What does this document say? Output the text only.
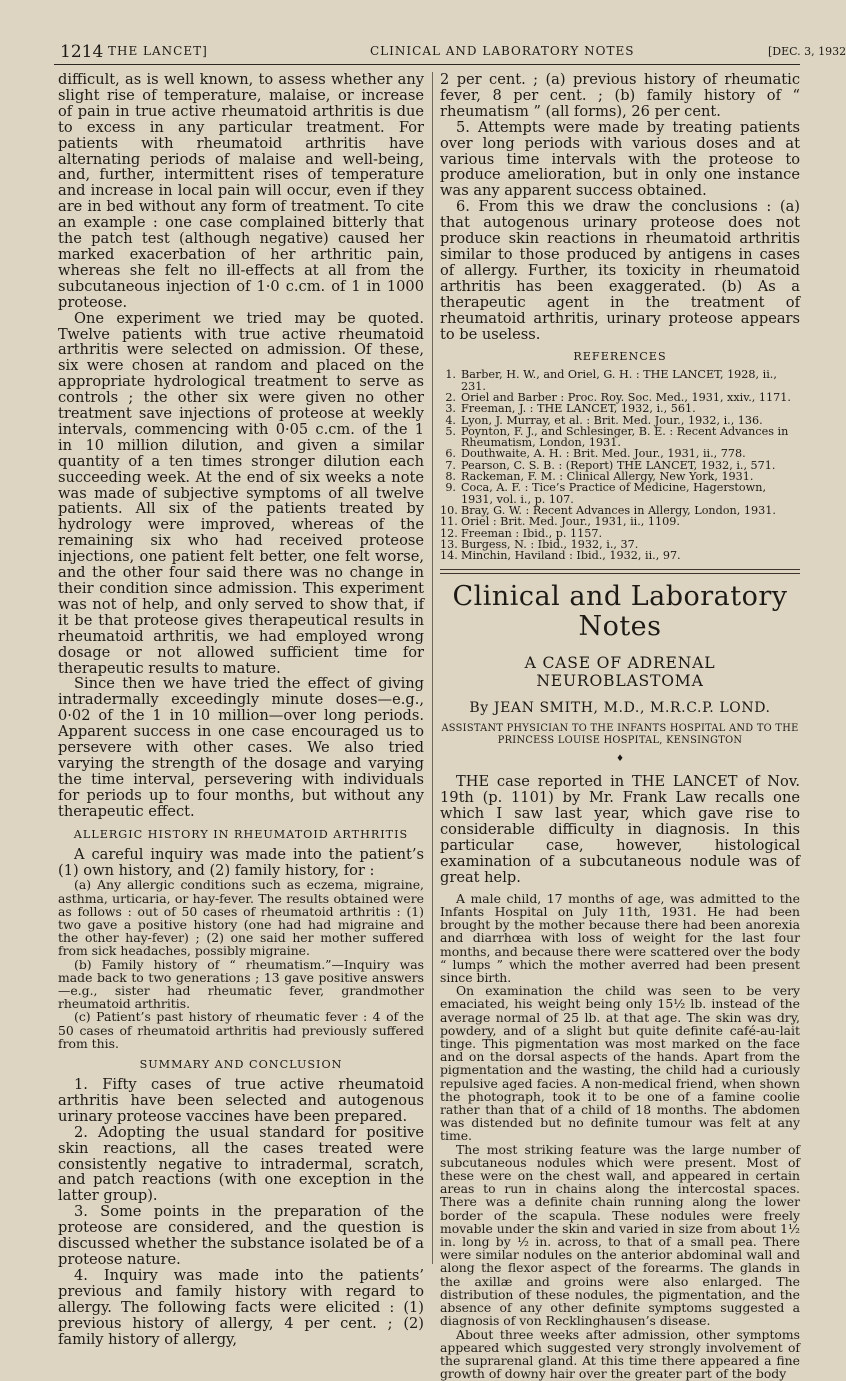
1214 THE LANCET]	CLINICAL AND LABORATORY NOTES	[DEC. 3, 1932

difficult, as is well known, to assess whether any slight rise of temperature, malaise, or increase of pain in true active rheumatoid arthritis is due to excess in any particular treatment. For patients with rheumatoid arthritis have alternating periods of malaise and well-being, and, further, intermittent rises of temperature and increase in local pain will occur, even if they are in bed without any form of treatment. To cite an example : one case complained bitterly that the patch test (although negative) caused her marked exacerbation of her arthritic pain, whereas she felt no ill-effects at all from the subcutaneous injection of 1·0 c.cm. of 1 in 1000 proteose.

One experiment we tried may be quoted. Twelve patients with true active rheumatoid arthritis were selected on admission. Of these, six were chosen at random and placed on the appropriate hydrological treatment to serve as controls ; the other six were given no other treatment save injections of proteose at weekly intervals, commencing with 0·05 c.cm. of the 1 in 10 million dilution, and given a similar quantity of a ten times stronger dilution each succeeding week. At the end of six weeks a note was made of subjective symptoms of all twelve patients. All six of the patients treated by hydrology were improved, whereas of the remaining six who had received proteose injections, one patient felt better, one felt worse, and the other four said there was no change in their condition since admission. This experiment was not of help, and only served to show that, if it be that proteose gives therapeutical results in rheumatoid arthritis, we had employed wrong dosage or not allowed sufficient time for therapeutic results to mature.

Since then we have tried the effect of giving intradermally exceedingly minute doses—e.g., 0·02 of the 1 in 10 million—over long periods. Apparent success in one case encouraged us to persevere with other cases. We also tried varying the strength of the dosage and varying the time interval, persevering with individuals for periods up to four months, but without any therapeutic effect.

ALLERGIC HISTORY IN RHEUMATOID ARTHRITIS

A careful inquiry was made into the patient’s (1) own history, and (2) family history, for :

(a) Any allergic conditions such as eczema, migraine, asthma, urticaria, or hay-fever. The results obtained were as follows : out of 50 cases of rheumatoid arthritis : (1) two gave a positive history (one had had migraine and the other hay-fever) ; (2) one said her mother suffered from sick headaches, possibly migraine.

(b) Family history of “ rheumatism.”—Inquiry was made back to two generations ; 13 gave positive answers—e.g., sister had rheumatic fever, grandmother rheumatoid arthritis.

(c) Patient’s past history of rheumatic fever : 4 of the 50 cases of rheumatoid arthritis had previously suffered from this.

SUMMARY AND CONCLUSION

1. Fifty cases of true active rheumatoid arthritis have been selected and autogenous urinary proteose vaccines have been prepared.

2. Adopting the usual standard for positive skin reactions, all the cases treated were consistently negative to intradermal, scratch, and patch reactions (with one exception in the latter group).

3. Some points in the preparation of the proteose are considered, and the question is discussed whether the substance isolated be of a proteose nature.

4. Inquiry was made into the patients’ previous and family history with regard to allergy. The following facts were elicited : (1) previous history of allergy, 4 per cent. ; (2) family history of allergy,

2 per cent. ; (a) previous history of rheumatic fever, 8 per cent. ; (b) family history of “ rheumatism ” (all forms), 26 per cent.

5. Attempts were made by treating patients over long periods with various doses and at various time intervals with the proteose to produce amelioration, but in only one instance was any apparent success obtained.

6. From this we draw the conclusions : (a) that autogenous urinary proteose does not produce skin reactions in rheumatoid arthritis similar to those produced by antigens in cases of allergy. Further, its toxicity in rheumatoid arthritis has been exaggerated. (b) As a therapeutic agent in the treatment of rheumatoid arthritis, urinary proteose appears to be useless.

REFERENCES
1. Barber, H. W., and Oriel, G. H. : THE LANCET, 1928, ii., 231.
2. Oriel and Barber : Proc. Roy. Soc. Med., 1931, xxiv., 1171.
3. Freeman, J. : THE LANCET, 1932, i., 561.
4. Lyon, J. Murray, et al. : Brit. Med. Jour., 1932, i., 136.
5. Poynton, F. J., and Schlesinger, B. E. : Recent Advances in Rheumatism, London, 1931.
6. Douthwaite, A. H. : Brit. Med. Jour., 1931, ii., 778.
7. Pearson, C. S. B. : (Report) THE LANCET, 1932, i., 571.
8. Rackeman, F. M. : Clinical Allergy, New York, 1931.
9. Coca, A. F. : Tice’s Practice of Medicine, Hagerstown, 1931, vol. i., p. 107.
10. Bray, G. W. : Recent Advances in Allergy, London, 1931.
11. Oriel : Brit. Med. Jour., 1931, ii., 1109.
12. Freeman : Ibid., p. 1157.
13. Burgess, N. : Ibid., 1932, i., 37.
14. Minchin, Haviland : Ibid., 1932, ii., 97.
Clinical and Laboratory Notes
A CASE OF ADRENAL NEUROBLASTOMA
By JEAN SMITH, M.D., M.R.C.P. LOND.
ASSISTANT PHYSICIAN TO THE INFANTS HOSPITAL AND TO THE
PRINCESS LOUISE HOSPITAL, KENSINGTON
♦

THE case reported in THE LANCET of Nov. 19th (p. 1101) by Mr. Frank Law recalls one which I saw last year, which gave rise to considerable difficulty in diagnosis. In this particular case, however, histological examination of a subcutaneous nodule was of great help.

A male child, 17 months of age, was admitted to the Infants Hospital on July 11th, 1931. He had been brought by the mother because there had been anorexia and diarrhœa with loss of weight for the last four months, and because there were scattered over the body “ lumps ” which the mother averred had been present since birth.

On examination the child was seen to be very emaciated, his weight being only 15½ lb. instead of the average normal of 25 lb. at that age. The skin was dry, powdery, and of a slight but quite definite café-au-lait tinge. This pigmentation was most marked on the face and on the dorsal aspects of the hands. Apart from the pigmentation and the wasting, the child had a curiously repulsive aged facies. A non-medical friend, when shown the photograph, took it to be one of a famine coolie rather than that of a child of 18 months. The abdomen was distended but no definite tumour was felt at any time.

The most striking feature was the large number of subcutaneous nodules which were present. Most of these were on the chest wall, and appeared in certain areas to run in chains along the intercostal spaces. There was a definite chain running along the lower border of the scapula. These nodules were freely movable under the skin and varied in size from about 1½ in. long by ½ in. across, to that of a small pea. There were similar nodules on the anterior abdominal wall and along the flexor aspect of the forearms. The glands in the axillæ and groins were also enlarged. The distribution of these nodules, the pigmentation, and the absence of any other definite symptoms suggested a diagnosis of von Recklinghausen’s disease.

About three weeks after admission, other symptoms appeared which suggested very strongly involvement of the suprarenal gland. At this time there appeared a fine growth of downy hair over the greater part of the body
